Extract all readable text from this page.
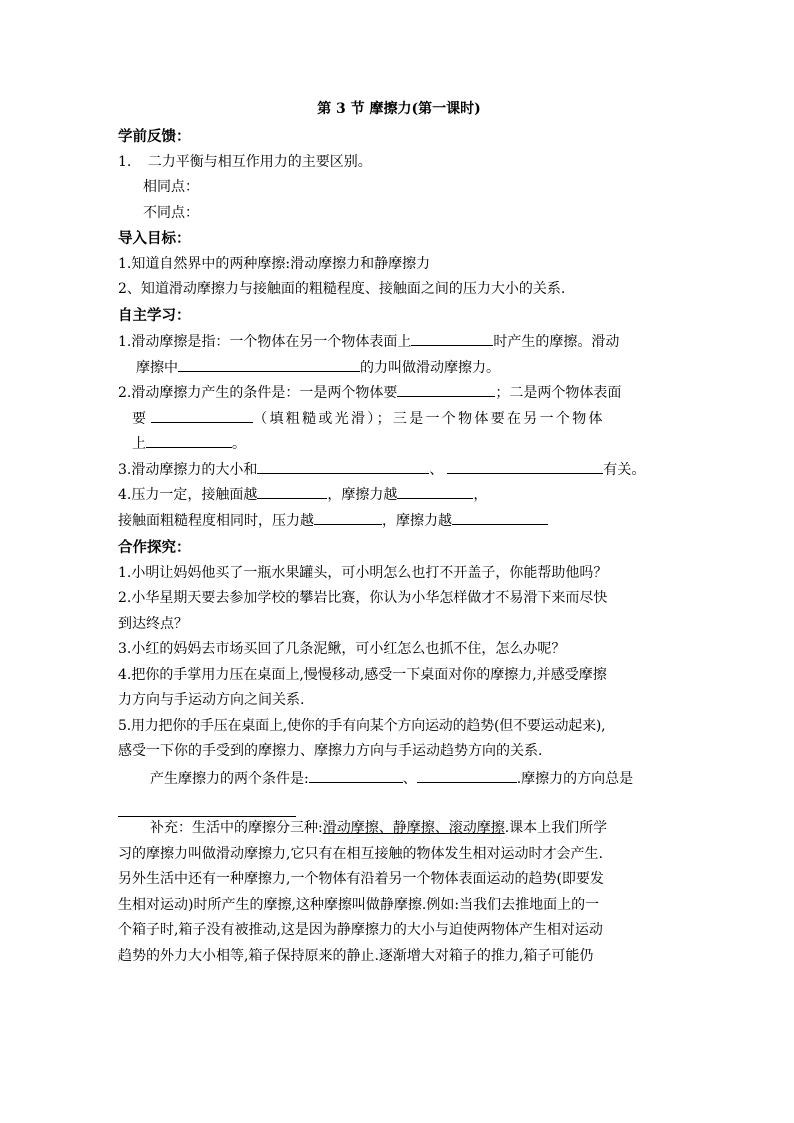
第 3 节 摩擦力(第一课时)
学前反馈：
1. 二力平衡与相互作用力的主要区别。
相同点：
不同点：
导入目标：
1.知道自然界中的两种摩擦:滑动摩擦力和静摩擦力
2、知道滑动摩擦力与接触面的粗糙程度、接触面之间的压力大小的关系.
自主学习：
1.滑动摩擦是指：一个物体在另一个物体表面上	时产生的摩擦。滑动
摩擦中	的力叫做滑动摩擦力。
2.滑动摩擦力产生的条件是：一是两个物体要	；二是两个物体表面
要	（填粗糙或光滑）；三是一个物体要在另一个物体
上	。
3.滑动摩擦力的大小和	、	有关。
4.压力一定，接触面越	，摩擦力越	，
接触面粗糙程度相同时，压力越	，摩擦力越
合作探究：
1.小明让妈妈他买了一瓶水果罐头，可小明怎么也打不开盖子，你能帮助他吗？
2.小华星期天要去参加学校的攀岩比赛，你认为小华怎样做才不易滑下来而尽快
到达终点？
3.小红的妈妈去市场买回了几条泥鳅，可小红怎么也抓不住，怎么办呢？
4.把你的手掌用力压在桌面上,慢慢移动,感受一下桌面对你的摩擦力,并感受摩擦
力方向与手运动方向之间关系.
5.用力把你的手压在桌面上,使你的手有向某个方向运动的趋势(但不要运动起来),
感受一下你的手受到的摩擦力、摩擦力方向与手运动趋势方向的关系.
产生摩擦力的两个条件是:	、	.摩擦力的方向总是
补充：生活中的摩擦分三种:滑动摩擦、静摩擦、滚动摩擦.课本上我们所学
习的摩擦力叫做滑动摩擦力,它只有在相互接触的物体发生相对运动时才会产生.
另外生活中还有一种摩擦力,一个物体有沿着另一个物体表面运动的趋势(即要发
生相对运动)时所产生的摩擦,这种摩擦叫做静摩擦.例如:当我们去推地面上的一
个箱子时,箱子没有被推动,这是因为静摩擦力的大小与迫使两物体产生相对运动
趋势的外力大小相等,箱子保持原来的静止.逐渐增大对箱子的推力,箱子可能仍
